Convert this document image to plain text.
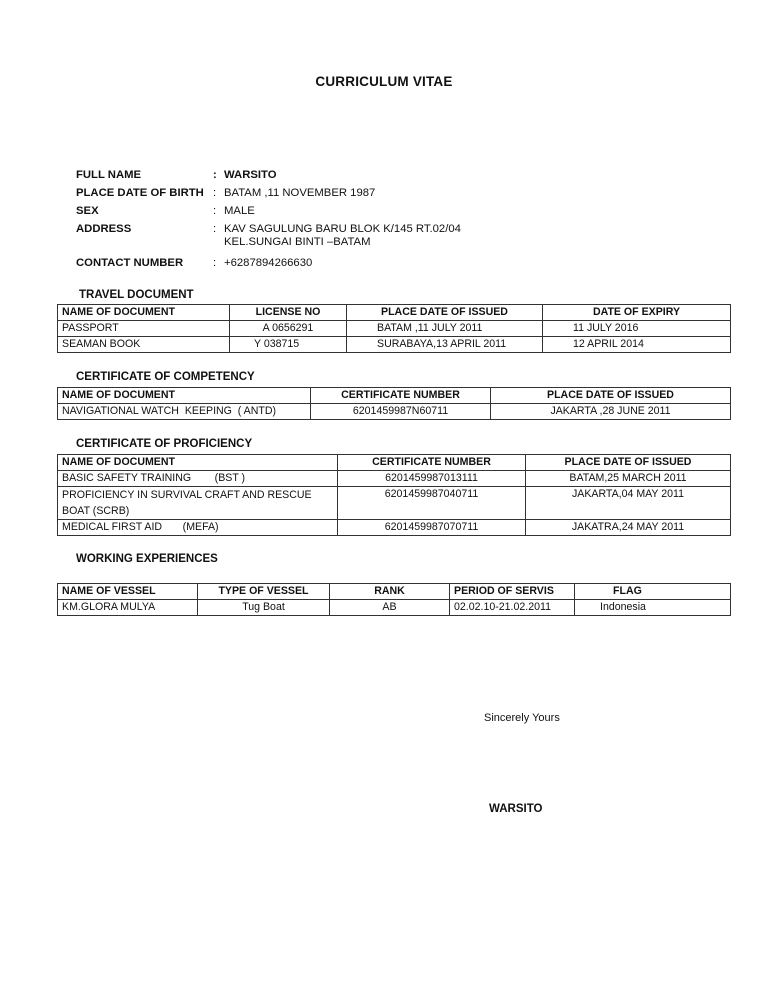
CURRICULUM VITAE
FULL NAME	: WARSITO
PLACE DATE OF BIRTH : BATAM ,11 NOVEMBER 1987
SEX	: MALE
ADDRESS	: KAV SAGULUNG BARU BLOK K/145 RT.02/04
KEL.SUNGAI BINTI –BATAM
CONTACT NUMBER	: +6287894266630
TRAVEL DOCUMENT
NAME OF DOCUMENT	LICENSE NO	PLACE DATE OF ISSUED	DATE OF EXPIRY
PASSPORT	A 0656291	BATAM ,11 JULY 2011	11 JULY 2016
SEAMAN BOOK	Y 038715	SURABAYA,13 APRIL 2011	12 APRIL 2014
CERTIFICATE OF COMPETENCY
NAME OF DOCUMENT	CERTIFICATE NUMBER	PLACE DATE OF ISSUED
NAVIGATIONAL WATCH  KEEPING  ( ANTD)	6201459987N60711	JAKARTA ,28 JUNE 2011
CERTIFICATE OF PROFICIENCY
NAME OF DOCUMENT	CERTIFICATE NUMBER	PLACE DATE OF ISSUED
BASIC SAFETY TRAINING        (BST )	6201459987013111	BATAM,25 MARCH 2011
PROFICIENCY IN SURVIVAL CRAFT AND RESCUE BOAT (SCRB)	6201459987040711	JAKARTA,04 MAY 2011
MEDICAL FIRST AID       (MEFA)	6201459987070711	JAKATRA,24 MAY 2011
WORKING EXPERIENCES
NAME OF VESSEL	TYPE OF VESSEL	RANK	PERIOD OF SERVIS	FLAG
KM.GLORA MULYA	Tug Boat	AB	02.02.10-21.02.2011	Indonesia
Sincerely Yours
WARSITO
